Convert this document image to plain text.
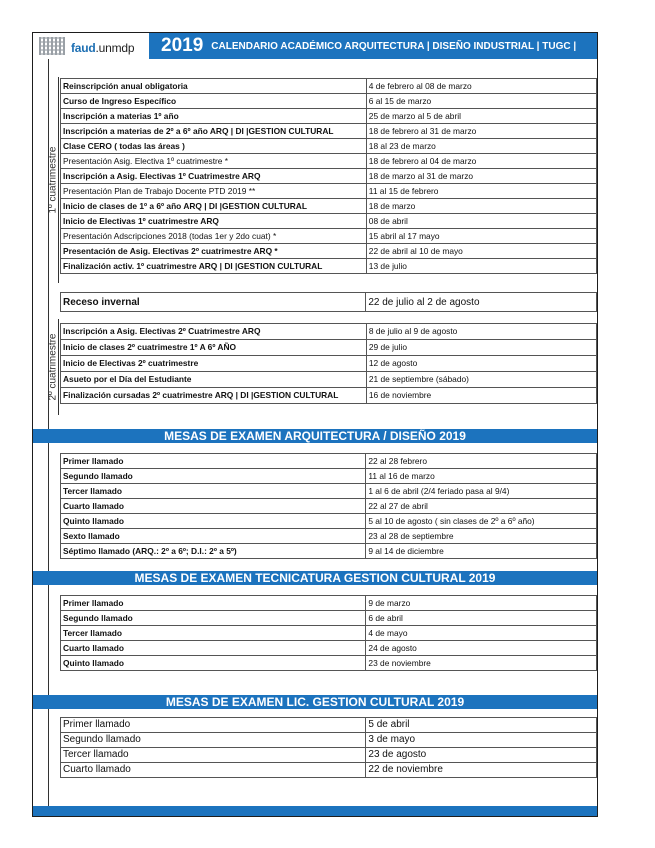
faud.unmdp 2019 CALENDARIO ACADÉMICO ARQUITECTURA | DISEÑO INDUSTRIAL | TUGC |
1º cuatrimestre
Reinscripción anual obligatoria	4 de febrero al 08 de marzo
Curso de Ingreso Específico	6 al 15 de marzo
Inscripción a materias 1º año	25 de marzo al 5 de abril
Inscripción a materias de 2º a 6º año ARQ | DI |GESTION CULTURAL	18 de febrero al 31 de marzo
Clase CERO ( todas las áreas )	18 al 23 de marzo
Presentación Asig. Electiva 1º cuatrimestre *	18 de febrero al 04 de marzo
Inscripción a Asig. Electivas 1º Cuatrimestre ARQ	18 de marzo al 31 de marzo
Presentación Plan de Trabajo Docente PTD 2019 **	11 al 15 de febrero
Inicio de clases de 1º a 6º año ARQ | DI |GESTION CULTURAL	18 de marzo
Inicio de Electivas 1º cuatrimestre ARQ	08 de abril
Presentación Adscripciones 2018 (todas 1er y 2do cuat) *	15 abril al 17 mayo
Presentación de Asig. Electivas 2º cuatrimestre ARQ *	22 de abril al 10 de mayo
Finalización activ. 1º cuatrimestre ARQ | DI |GESTION CULTURAL	13 de julio
Receso invernal	22 de julio al 2 de agosto
2º cuatrimestre
Inscripción a Asig. Electivas 2º Cuatrimestre ARQ	8 de julio al 9 de agosto
Inicio de clases 2º cuatrimestre 1º A 6º AÑO	29 de julio
Inicio de Electivas 2º cuatrimestre	12 de agosto
Asueto por el Día del Estudiante	21 de septiembre (sábado)
Finalización cursadas 2º cuatrimestre ARQ | DI |GESTION CULTURAL	16 de noviembre
MESAS DE EXAMEN ARQUITECTURA / DISEÑO 2019
Primer llamado	22 al 28 febrero
Segundo llamado	11 al 16 de marzo
Tercer llamado	1 al 6 de abril (2/4 feriado pasa al 9/4)
Cuarto llamado	22 al 27 de abril
Quinto llamado	5 al 10 de agosto ( sin clases de 2º a 6º año)
Sexto llamado	23 al 28 de septiembre
Séptimo llamado (ARQ.: 2º a 6º; D.I.: 2º a 5º)	9 al 14 de diciembre
MESAS DE EXAMEN TECNICATURA GESTION CULTURAL 2019
Primer llamado	9 de marzo
Segundo llamado	6 de abril
Tercer llamado	4 de mayo
Cuarto llamado	24 de agosto
Quinto llamado	23 de noviembre
MESAS DE EXAMEN LIC. GESTION CULTURAL 2019
Primer llamado	5 de abril
Segundo llamado	3 de mayo
Tercer llamado	23 de agosto
Cuarto llamado	22 de noviembre
